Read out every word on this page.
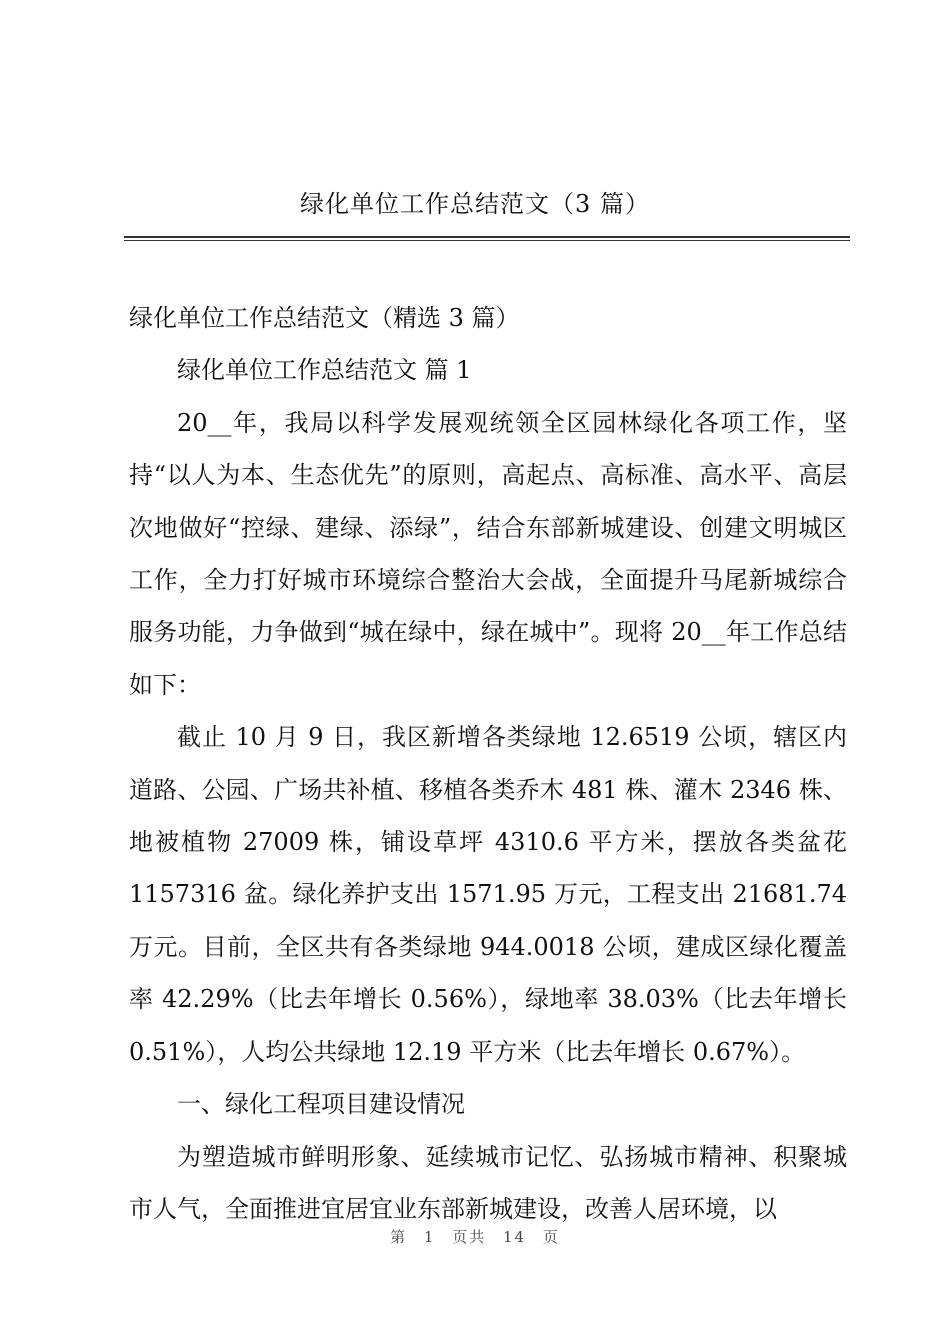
绿化单位工作总结范文（3 篇）

绿化单位工作总结范文（精选 3 篇）

绿化单位工作总结范文 篇 1

20__年，我局以科学发展观统领全区园林绿化各项工作，坚持“以人为本、生态优先”的原则，高起点、高标准、高水平、高层次地做好“控绿、建绿、添绿”，结合东部新城建设、创建文明城区工作，全力打好城市环境综合整治大会战，全面提升马尾新城综合服务功能，力争做到“城在绿中，绿在城中”。现将 20__年工作总结如下：

截止 10 月 9 日，我区新增各类绿地 12.6519 公顷，辖区内道路、公园、广场共补植、移植各类乔木 481 株、灌木 2346 株、地被植物 27009 株，铺设草坪 4310.6 平方米，摆放各类盆花 1157316 盆。绿化养护支出 1571.95 万元，工程支出 21681.74 万元。目前，全区共有各类绿地 944.0018 公顷，建成区绿化覆盖率 42.29%（比去年增长 0.56%），绿地率 38.03%（比去年增长 0.51%），人均公共绿地 12.19 平方米（比去年增长 0.67%）。

一、绿化工程项目建设情况

为塑造城市鲜明形象、延续城市记忆、弘扬城市精神、积聚城市人气，全面推进宜居宜业东部新城建设，改善人居环境，以

第 1 页共 14 页
